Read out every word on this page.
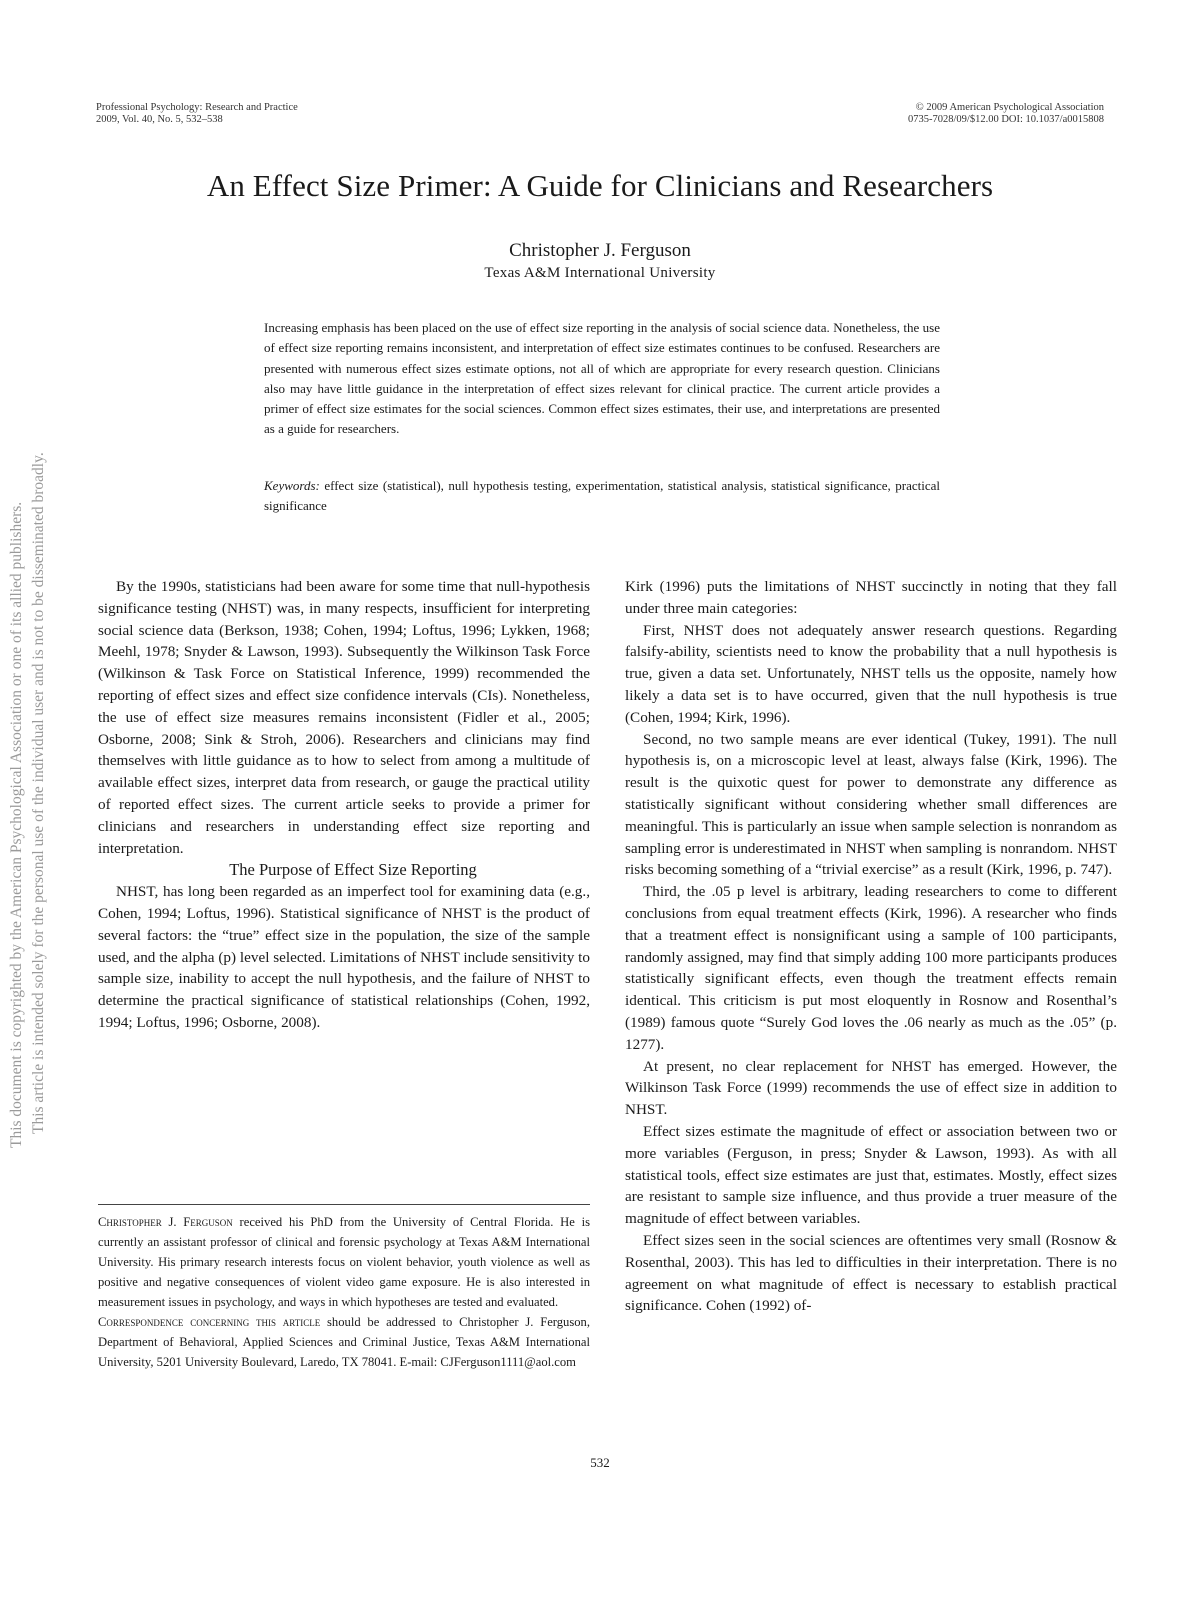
Professional Psychology: Research and Practice
2009, Vol. 40, No. 5, 532–538
© 2009 American Psychological Association
0735-7028/09/$12.00 DOI: 10.1037/a0015808
An Effect Size Primer: A Guide for Clinicians and Researchers
Christopher J. Ferguson
Texas A&M International University
Increasing emphasis has been placed on the use of effect size reporting in the analysis of social science data. Nonetheless, the use of effect size reporting remains inconsistent, and interpretation of effect size estimates continues to be confused. Researchers are presented with numerous effect sizes estimate options, not all of which are appropriate for every research question. Clinicians also may have little guidance in the interpretation of effect sizes relevant for clinical practice. The current article provides a primer of effect size estimates for the social sciences. Common effect sizes estimates, their use, and interpretations are presented as a guide for researchers.
Keywords: effect size (statistical), null hypothesis testing, experimentation, statistical analysis, statistical significance, practical significance

By the 1990s, statisticians had been aware for some time that null-hypothesis significance testing (NHST) was, in many respects, insufficient for interpreting social science data (Berkson, 1938; Cohen, 1994; Loftus, 1996; Lykken, 1968; Meehl, 1978; Snyder & Lawson, 1993). Subsequently the Wilkinson Task Force (Wilkinson & Task Force on Statistical Inference, 1999) recommended the reporting of effect sizes and effect size confidence intervals (CIs). Nonetheless, the use of effect size measures remains inconsistent (Fidler et al., 2005; Osborne, 2008; Sink & Stroh, 2006). Researchers and clinicians may find themselves with little guidance as to how to select from among a multitude of available effect sizes, interpret data from research, or gauge the practical utility of reported effect sizes. The current article seeks to provide a primer for clinicians and researchers in understanding effect size reporting and interpretation.

The Purpose of Effect Size Reporting

NHST, has long been regarded as an imperfect tool for examining data (e.g., Cohen, 1994; Loftus, 1996). Statistical significance of NHST is the product of several factors: the “true” effect size in the population, the size of the sample used, and the alpha (p) level selected. Limitations of NHST include sensitivity to sample size, inability to accept the null hypothesis, and the failure of NHST to determine the practical significance of statistical relationships (Cohen, 1992, 1994; Loftus, 1996; Osborne, 2008).

Christopher J. Ferguson received his PhD from the University of Central Florida. He is currently an assistant professor of clinical and forensic psychology at Texas A&M International University. His primary research interests focus on violent behavior, youth violence as well as positive and negative consequences of violent video game exposure. He is also interested in measurement issues in psychology, and ways in which hypotheses are tested and evaluated.

Correspondence concerning this article should be addressed to Christopher J. Ferguson, Department of Behavioral, Applied Sciences and Criminal Justice, Texas A&M International University, 5201 University Boulevard, Laredo, TX 78041. E-mail: CJFerguson1111@aol.com

Kirk (1996) puts the limitations of NHST succinctly in noting that they fall under three main categories:

First, NHST does not adequately answer research questions. Regarding falsify-ability, scientists need to know the probability that a null hypothesis is true, given a data set. Unfortunately, NHST tells us the opposite, namely how likely a data set is to have occurred, given that the null hypothesis is true (Cohen, 1994; Kirk, 1996).

Second, no two sample means are ever identical (Tukey, 1991). The null hypothesis is, on a microscopic level at least, always false (Kirk, 1996). The result is the quixotic quest for power to demonstrate any difference as statistically significant without considering whether small differences are meaningful. This is particularly an issue when sample selection is nonrandom as sampling error is underestimated in NHST when sampling is nonrandom. NHST risks becoming something of a “trivial exercise” as a result (Kirk, 1996, p. 747).

Third, the .05 p level is arbitrary, leading researchers to come to different conclusions from equal treatment effects (Kirk, 1996). A researcher who finds that a treatment effect is nonsignificant using a sample of 100 participants, randomly assigned, may find that simply adding 100 more participants produces statistically significant effects, even though the treatment effects remain identical. This criticism is put most eloquently in Rosnow and Rosenthal’s (1989) famous quote “Surely God loves the .06 nearly as much as the .05” (p. 1277).

At present, no clear replacement for NHST has emerged. However, the Wilkinson Task Force (1999) recommends the use of effect size in addition to NHST.

Effect sizes estimate the magnitude of effect or association between two or more variables (Ferguson, in press; Snyder & Lawson, 1993). As with all statistical tools, effect size estimates are just that, estimates. Mostly, effect sizes are resistant to sample size influence, and thus provide a truer measure of the magnitude of effect between variables.

Effect sizes seen in the social sciences are oftentimes very small (Rosnow & Rosenthal, 2003). This has led to difficulties in their interpretation. There is no agreement on what magnitude of effect is necessary to establish practical significance. Cohen (1992) of-

532
This document is copyrighted by the American Psychological Association or one of its allied publishers. This article is intended solely for the personal use of the individual user and is not to be disseminated broadly.
